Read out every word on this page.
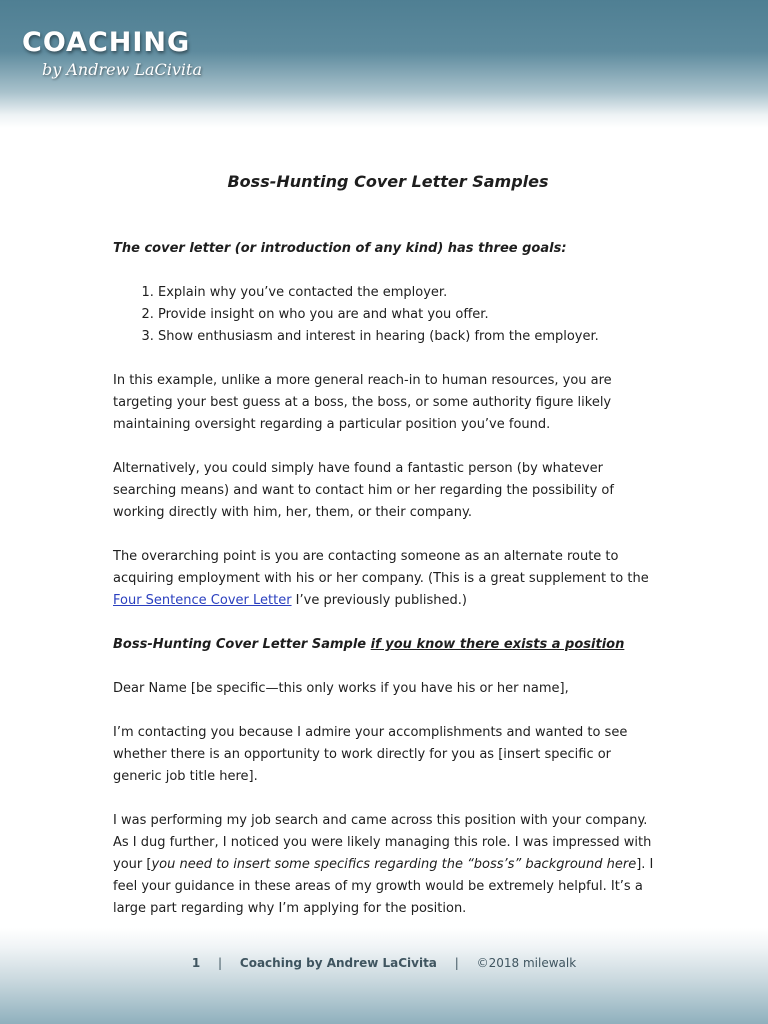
COACHING
by Andrew LaCivita
Boss-Hunting Cover Letter Samples
The cover letter (or introduction of any kind) has three goals:
1. Explain why you’ve contacted the employer.
2. Provide insight on who you are and what you offer.
3. Show enthusiasm and interest in hearing (back) from the employer.

In this example, unlike a more general reach-in to human resources, you are targeting your best guess at a boss, the boss, or some authority figure likely maintaining oversight regarding a particular position you’ve found.

Alternatively, you could simply have found a fantastic person (by whatever searching means) and want to contact him or her regarding the possibility of working directly with him, her, them, or their company.

The overarching point is you are contacting someone as an alternate route to acquiring employment with his or her company. (This is a great supplement to the Four Sentence Cover Letter I’ve previously published.)

Boss-Hunting Cover Letter Sample if you know there exists a position

Dear Name [be specific—this only works if you have his or her name],

I’m contacting you because I admire your accomplishments and wanted to see whether there is an opportunity to work directly for you as [insert specific or generic job title here].

I was performing my job search and came across this position with your company. As I dug further, I noticed you were likely managing this role. I was impressed with your [you need to insert some specifics regarding the “boss’s” background here]. I feel your guidance in these areas of my growth would be extremely helpful. It’s a large part regarding why I’m applying for the position.

1 | Coaching by Andrew LaCivita | ©2018 milewalk
